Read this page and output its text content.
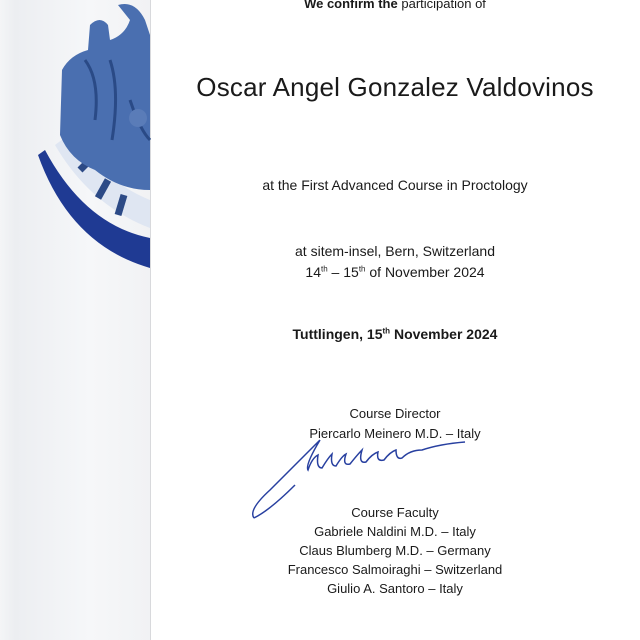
We confirm the participation of
Oscar Angel Gonzalez Valdovinos
at the First Advanced Course in Proctology
at sitem-insel, Bern, Switzerland
14th – 15th of November 2024
Tuttlingen, 15th November 2024
Course Director
Piercarlo Meinero M.D. – Italy
Course Faculty
Gabriele Naldini M.D. – Italy
Claus Blumberg M.D. – Germany
Francesco Salmoiraghi – Switzerland
Giulio A. Santoro – Italy
